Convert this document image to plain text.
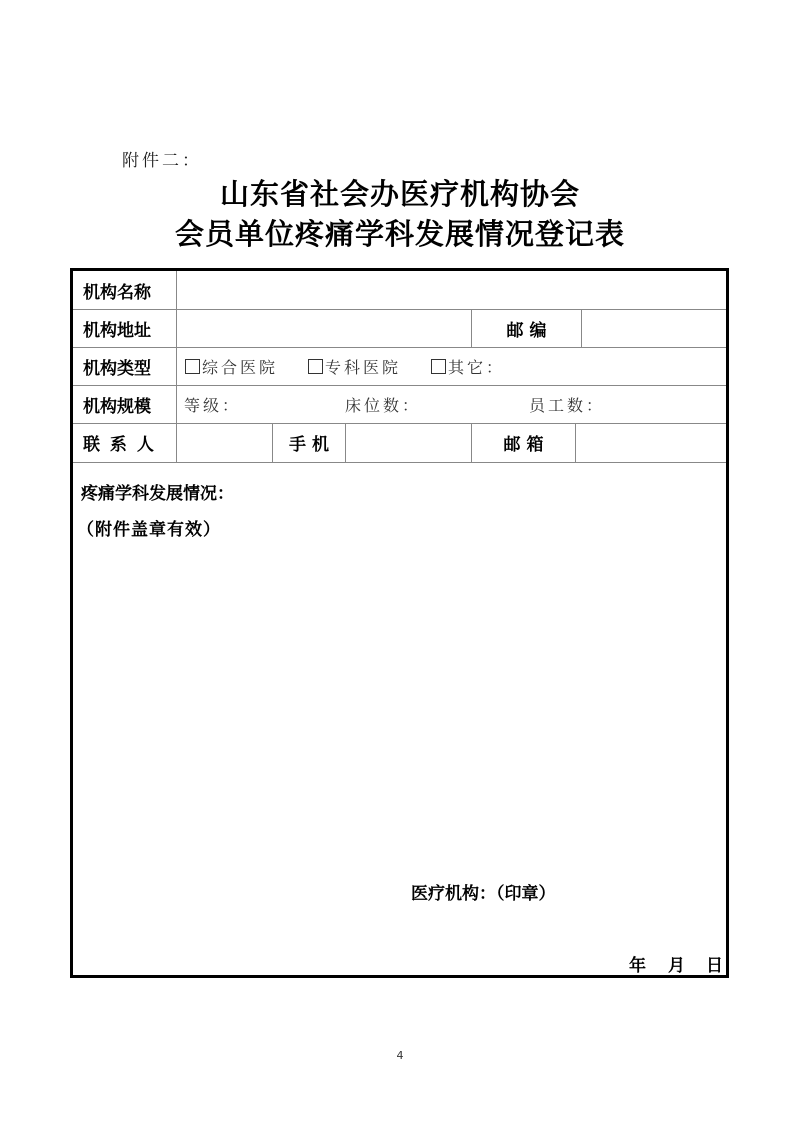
附件二：
山东省社会办医疗机构协会
会员单位疼痛学科发展情况登记表
机构名称
机构地址	邮 编
机构类型	综合医院	专科医院	其它：
机构规模 等级：	床位数：	员工数：
联 系 人	手 机	邮 箱
疼痛学科发展情况：
（附件盖章有效）
医疗机构：（印章）
年 月 日
4
